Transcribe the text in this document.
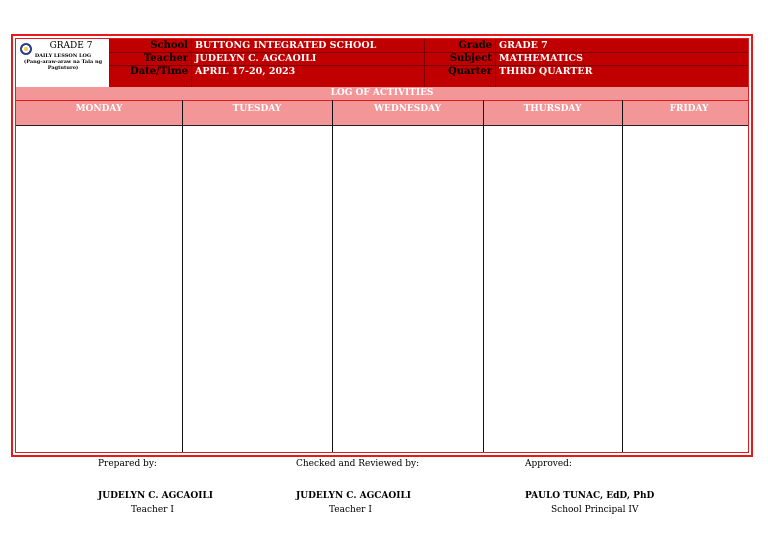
GRADE 7
DAILY LESSON LOG
(Pang-araw-araw na Tala ng Pagtuturo)
School BUTTONG INTEGRATED SCHOOL	Grade GRADE 7
Teacher JUDELYN C. AGCAOILI	Subject MATHEMATICS
Date/Time APRIL 17-20, 2023	Quarter THIRD QUARTER
LOG OF ACTIVITIES
MONDAY	TUESDAY	WEDNESDAY	THURSDAY	FRIDAY
Prepared by:	Checked and Reviewed by:	Approved:
JUDELYN C. AGCAOILI
Teacher I
JUDELYN C. AGCAOILI
Teacher I
PAULO TUNAC, EdD, PhD
School Principal IV
